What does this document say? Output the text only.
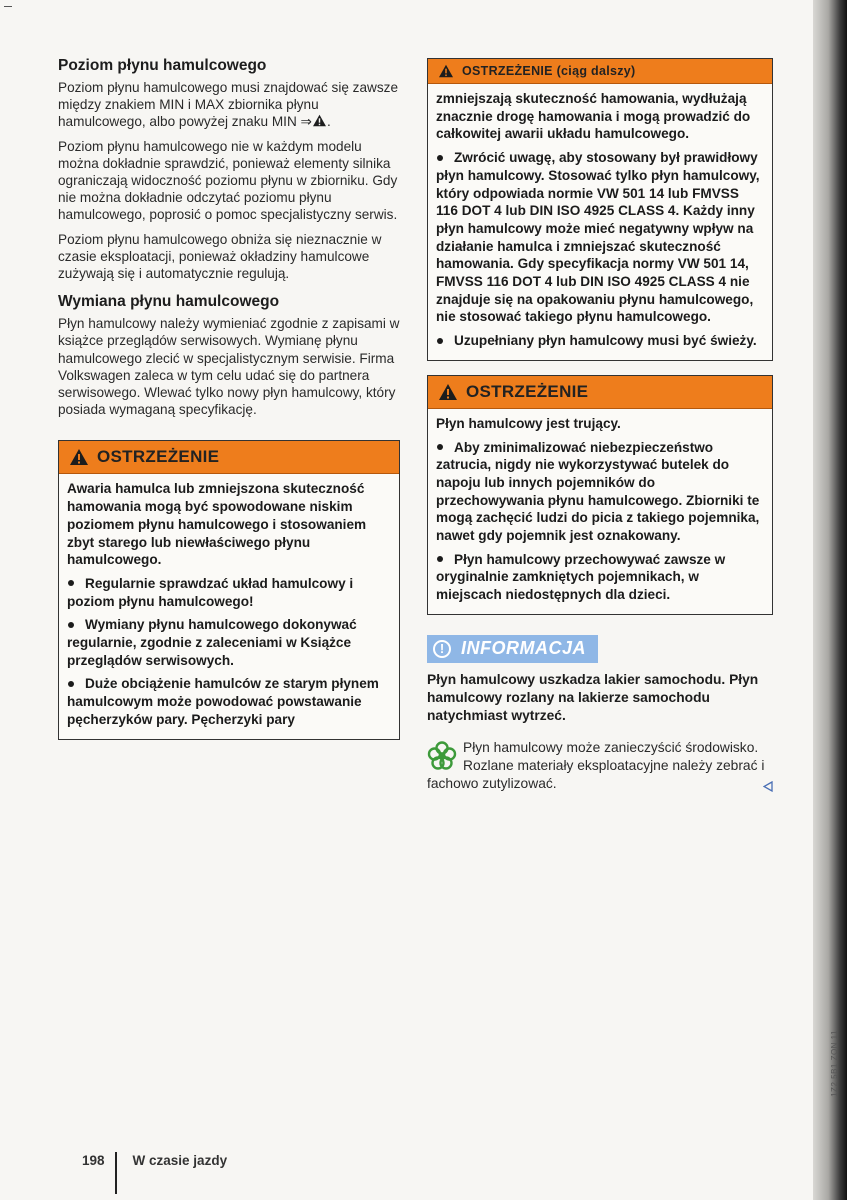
Poziom płynu hamulcowego

Poziom płynu hamulcowego musi znajdować się zawsze między znakiem MIN i MAX zbiornika płynu hamulcowego, albo powyżej znaku MIN ⇒ .

Poziom płynu hamulcowego nie w każdym modelu można dokładnie sprawdzić, ponieważ elementy silnika ograniczają widoczność poziomu płynu w zbiorniku. Gdy nie można dokładnie odczytać poziomu płynu hamulcowego, poprosić o pomoc specjalistyczny serwis.

Poziom płynu hamulcowego obniża się nieznacznie w czasie eksploatacji, ponieważ okładziny hamulcowe zużywają się i automatycznie regulują.

Wymiana płynu hamulcowego

Płyn hamulcowy należy wymieniać zgodnie z zapisami w książce przeglądów serwisowych. Wymianę płynu hamulcowego zlecić w specjalistycznym serwisie. Firma Volkswagen zaleca w tym celu udać się do partnera serwisowego. Wlewać tylko nowy płyn hamulcowy, który posiada wymaganą specyfikację.

OSTRZEŻENIE

Awaria hamulca lub zmniejszona skuteczność hamowania mogą być spowodowane niskim poziomem płynu hamulcowego i stosowaniem zbyt starego lub niewłaściwego płynu hamulcowego.

Regularnie sprawdzać układ hamulcowy i poziom płynu hamulcowego!

Wymiany płynu hamulcowego dokonywać regularnie, zgodnie z zaleceniami w Książce przeglądów serwisowych.

Duże obciążenie hamulców ze starym płynem hamulcowym może powodować powstawanie pęcherzyków pary. Pęcherzyki pary

OSTRZEŻENIE (ciąg dalszy)

zmniejszają skuteczność hamowania, wydłużają znacznie drogę hamowania i mogą prowadzić do całkowitej awarii układu hamulcowego.

Zwrócić uwagę, aby stosowany był prawidłowy płyn hamulcowy. Stosować tylko płyn hamulcowy, który odpowiada normie VW 501 14 lub FMVSS 116 DOT 4 lub DIN ISO 4925 CLASS 4. Każdy inny płyn hamulcowy może mieć negatywny wpływ na działanie hamulca i zmniejszać skuteczność hamowania. Gdy specyfikacja normy VW 501 14, FMVSS 116 DOT 4 lub DIN ISO 4925 CLASS 4 nie znajduje się na opakowaniu płynu hamulcowego, nie stosować takiego płynu hamulcowego.

Uzupełniany płyn hamulcowy musi być świeży.

OSTRZEŻENIE

Płyn hamulcowy jest trujący.

Aby zminimalizować niebezpieczeństwo zatrucia, nigdy nie wykorzystywać butelek do napoju lub innych pojemników do przechowywania płynu hamulcowego. Zbiorniki te mogą zachęcić ludzi do picia z takiego pojemnika, nawet gdy pojemnik jest oznakowany.

Płyn hamulcowy przechowywać zawsze w oryginalnie zamkniętych pojemnikach, w miejscach niedostępnych dla dzieci.

! INFORMACJA

Płyn hamulcowy uszkadza lakier samochodu. Płyn hamulcowy rozlany na lakierze samochodu natychmiast wytrzeć.

Płyn hamulcowy może zanieczyścić środowisko. Rozlane materiały eksploatacyjne należy zebrać i fachowo zutylizować.
198 W czasie jazdy
1Z2 5B1 ZON 11
